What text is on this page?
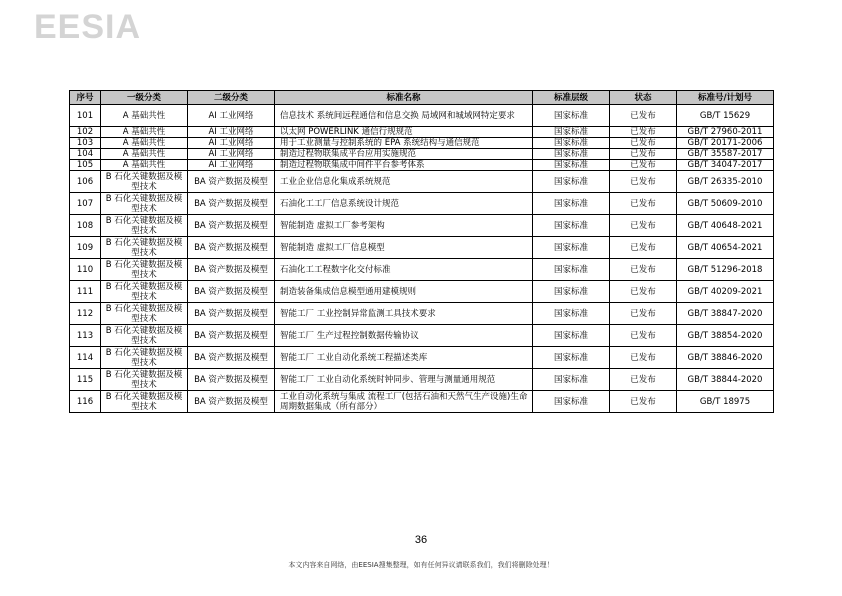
EESIA
序号	一级分类	二级分类	标准名称	标准层级	状态	标准号/计划号
101	A 基础共性	AI 工业网络	信息技术 系统间远程通信和信息交换 局域网和城域网特定要求	国家标准	已发布	GB/T 15629
102	A 基础共性	AI 工业网络	以太网 POWERLINK 通信行规规范	国家标准	已发布	GB/T 27960-2011
103	A 基础共性	AI 工业网络	用于工业测量与控制系统的 EPA 系统结构与通信规范	国家标准	已发布	GB/T 20171-2006
104	A 基础共性	AI 工业网络	制造过程物联集成平台应用实施规范	国家标准	已发布	GB/T 35587-2017
105	A 基础共性	AI 工业网络	制造过程物联集成中间件平台参考体系	国家标准	已发布	GB/T 34047-2017
106	B 石化关键数据及模型技术	BA 资产数据及模型	工业企业信息化集成系统规范	国家标准	已发布	GB/T 26335-2010
107	B 石化关键数据及模型技术	BA 资产数据及模型	石油化工工厂信息系统设计规范	国家标准	已发布	GB/T 50609-2010
108	B 石化关键数据及模型技术	BA 资产数据及模型	智能制造 虚拟工厂参考架构	国家标准	已发布	GB/T 40648-2021
109	B 石化关键数据及模型技术	BA 资产数据及模型	智能制造 虚拟工厂信息模型	国家标准	已发布	GB/T 40654-2021
110	B 石化关键数据及模型技术	BA 资产数据及模型	石油化工工程数字化交付标准	国家标准	已发布	GB/T 51296-2018
111	B 石化关键数据及模型技术	BA 资产数据及模型	制造装备集成信息模型通用建模规则	国家标准	已发布	GB/T 40209-2021
112	B 石化关键数据及模型技术	BA 资产数据及模型	智能工厂 工业控制异常监测工具技术要求	国家标准	已发布	GB/T 38847-2020
113	B 石化关键数据及模型技术	BA 资产数据及模型	智能工厂 生产过程控制数据传输协议	国家标准	已发布	GB/T 38854-2020
114	B 石化关键数据及模型技术	BA 资产数据及模型	智能工厂 工业自动化系统工程描述类库	国家标准	已发布	GB/T 38846-2020
115	B 石化关键数据及模型技术	BA 资产数据及模型	智能工厂 工业自动化系统时钟同步、管理与测量通用规范	国家标准	已发布	GB/T 38844-2020
116	B 石化关键数据及模型技术	BA 资产数据及模型	工业自动化系统与集成 流程工厂(包括石油和天然气生产设施)生命周期数据集成（所有部分）	国家标准	已发布	GB/T 18975
36
本文内容来自网络，由EESIA搜集整理，如有任何异议请联系我们，我们将删除处理！
